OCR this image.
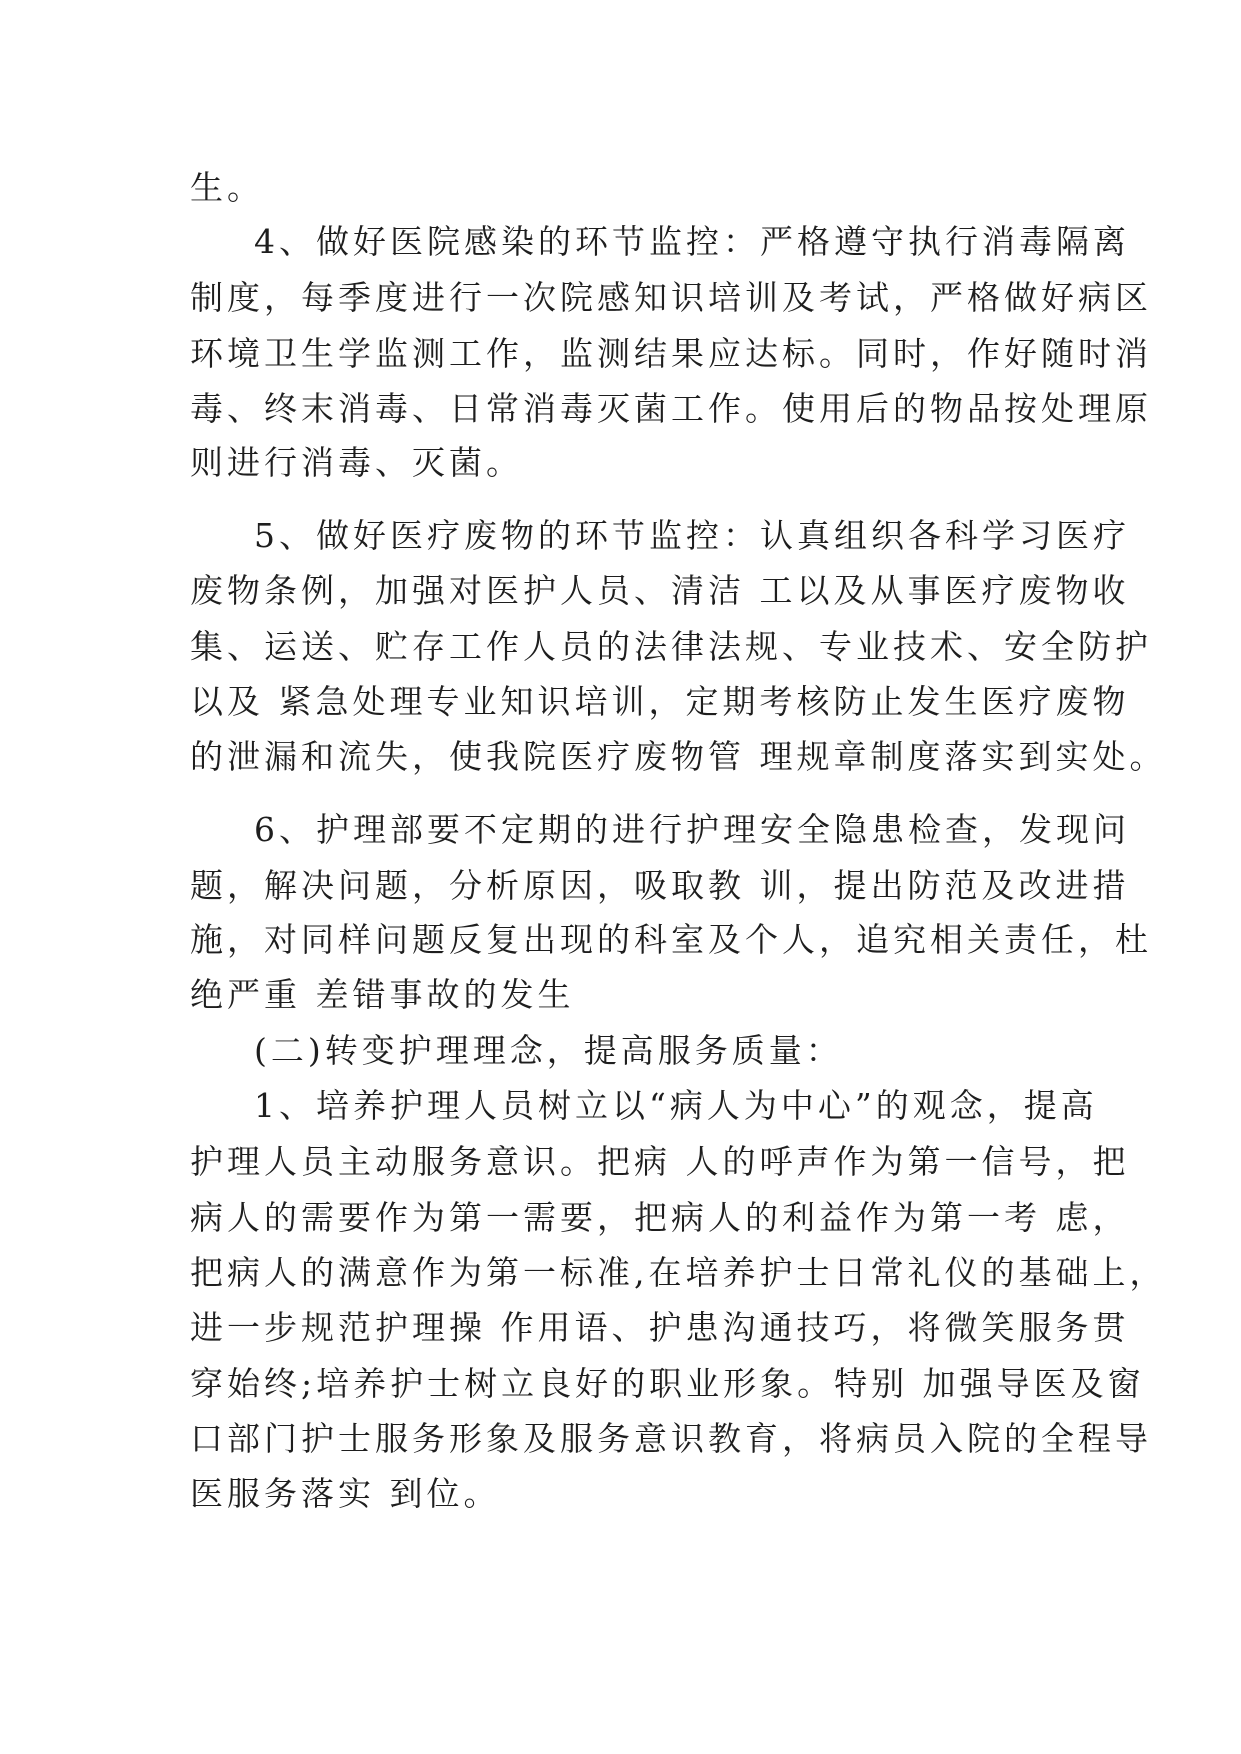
生。
4、做好医院感染的环节监控：严格遵守执行消毒隔离
制度，每季度进行一次院感知识培训及考试，严格做好病区
环境卫生学监测工作，监测结果应达标。同时，作好随时消
毒、终末消毒、日常消毒灭菌工作。使用后的物品按处理原
则进行消毒、灭菌。
5、做好医疗废物的环节监控：认真组织各科学习医疗
废物条例，加强对医护人员、清洁 工以及从事医疗废物收
集、运送、贮存工作人员的法律法规、专业技术、安全防护
以及 紧急处理专业知识培训，定期考核防止发生医疗废物
的泄漏和流失，使我院医疗废物管 理规章制度落实到实处。
6、护理部要不定期的进行护理安全隐患检查，发现问
题，解决问题，分析原因，吸取教 训，提出防范及改进措
施，对同样问题反复出现的科室及个人，追究相关责任，杜
绝严重 差错事故的发生
(二)转变护理理念，提高服务质量：
1、培养护理人员树立以“病人为中心”的观念，提高
护理人员主动服务意识。把病 人的呼声作为第一信号，把
病人的需要作为第一需要，把病人的利益作为第一考 虑，
把病人的满意作为第一标准,在培养护士日常礼仪的基础上，
进一步规范护理操 作用语、护患沟通技巧，将微笑服务贯
穿始终;培养护士树立良好的职业形象。特别 加强导医及窗
口部门护士服务形象及服务意识教育，将病员入院的全程导
医服务落实 到位。
